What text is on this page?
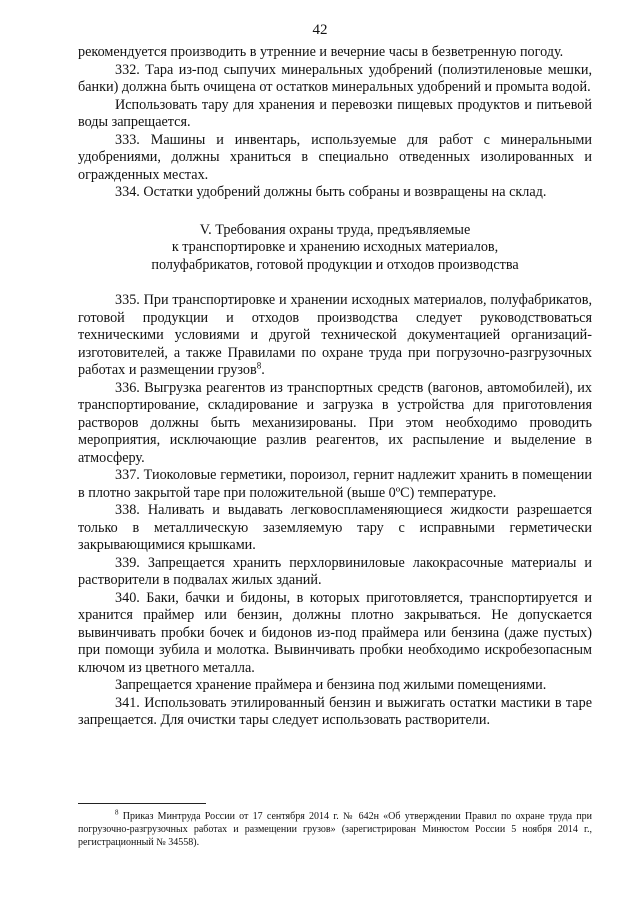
42

рекомендуется производить в утренние и вечерние часы в безветренную погоду.

332. Тара из-под сыпучих минеральных удобрений (полиэтиленовые мешки, банки) должна быть очищена от остатков минеральных удобрений и промыта водой.

Использовать тару для хранения и перевозки пищевых продуктов и питьевой воды запрещается.

333. Машины и инвентарь, используемые для работ с минеральными удобрениями, должны храниться в специально отведенных изолированных и огражденных местах.

334. Остатки удобрений должны быть собраны и возвращены на склад.

V. Требования охраны труда, предъявляемые
к транспортировке и хранению исходных материалов,
полуфабрикатов, готовой продукции и отходов производства

335. При транспортировке и хранении исходных материалов, полуфабрикатов, готовой продукции и отходов производства следует руководствоваться техническими условиями и другой технической документацией организаций-изготовителей, а также Правилами по охране труда при погрузочно-разгрузочных работах и размещении грузов$^8$.

336. Выгрузка реагентов из транспортных средств (вагонов, автомобилей), их транспортирование, складирование и загрузка в устройства для приготовления растворов должны быть механизированы. При этом необходимо проводить мероприятия, исключающие разлив реагентов, их распыление и выделение в атмосферу.

337. Тиоколовые герметики, пороизол, гернит надлежит хранить в помещении в плотно закрытой таре при положительной (выше 0ºС) температуре.

338. Наливать и выдавать легковоспламеняющиеся жидкости разрешается только в металлическую заземляемую тару с исправными герметически закрывающимися крышками.

339. Запрещается хранить перхлорвиниловые лакокрасочные материалы и растворители в подвалах жилых зданий.

340. Баки, бачки и бидоны, в которых приготовляется, транспортируется и хранится праймер или бензин, должны плотно закрываться. Не допускается вывинчивать пробки бочек и бидонов из-под праймера или бензина (даже пустых) при помощи зубила и молотка. Вывинчивать пробки необходимо искробезопасным ключом из цветного металла.

Запрещается хранение праймера и бензина под жилыми помещениями.

341. Использовать этилированный бензин и выжигать остатки мастики в таре запрещается. Для очистки тары следует использовать растворители.

$^8$ Приказ Минтруда России от 17 сентября 2014 г. № 642н «Об утверждении Правил по охране труда при погрузочно-разгрузочных работах и размещении грузов» (зарегистрирован Минюстом России 5 ноября 2014 г., регистрационный № 34558).
